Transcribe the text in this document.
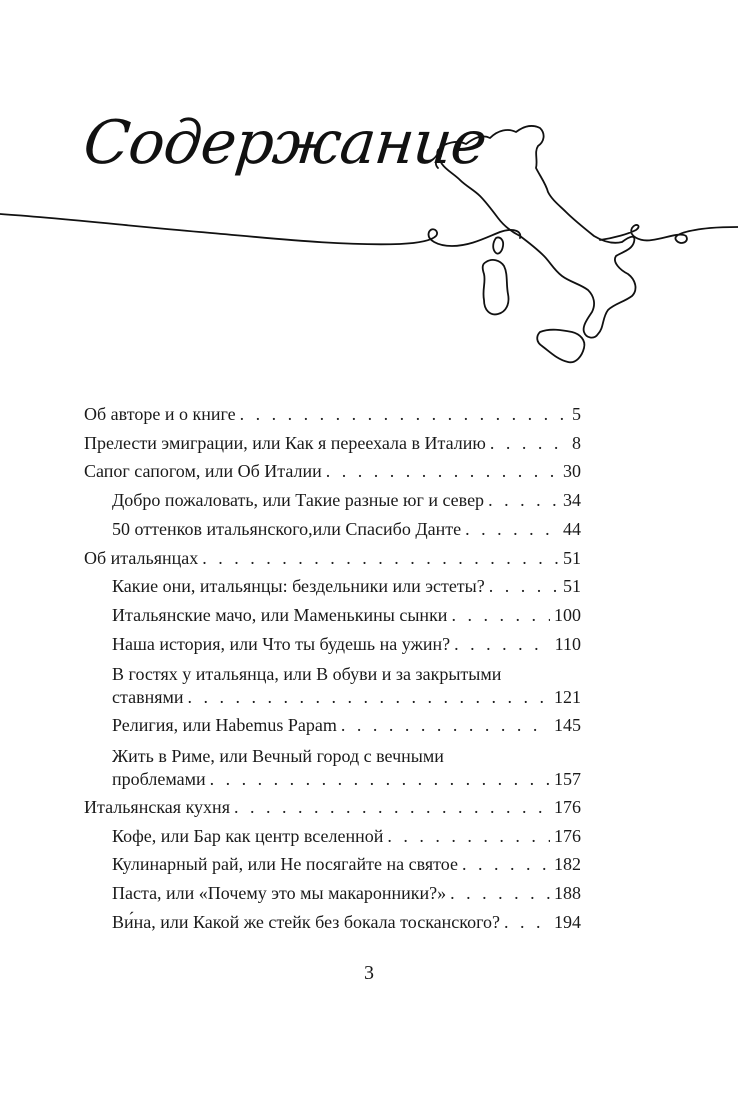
Содержание
Об авторе и о книге . . .	5
Прелести эмиграции, или Как я переехала в Италию . . .	8
Сапог сапогом, или Об Италии . . .	30
Добро пожаловать, или Такие разные юг и север . . .	34
50 оттенков итальянского,или Спасибо Данте . . .	44
Об итальянцах . . .	51
Какие они, итальянцы: бездельники или эстеты? . . .	51
Итальянские мачо, или Маменькины сынки . . .	100
Наша история, или Что ты будешь на ужин? . . .	110
В гостях у итальянца, или В обуви и за закрытыми
ставнями . . .	121
Религия, или Habemus Papam . . .	145
Жить в Риме, или Вечный город с вечными
проблемами . . .	157
Итальянская кухня . . .	176
Кофе, или Бар как центр вселенной . . .	176
Кулинарный рай, или Не посягайте на святое . . .	182
Паста, или «Почему это мы макаронники?» . . .	188
Ви́на, или Какой же стейк без бокала тосканского? . . .	194
3
